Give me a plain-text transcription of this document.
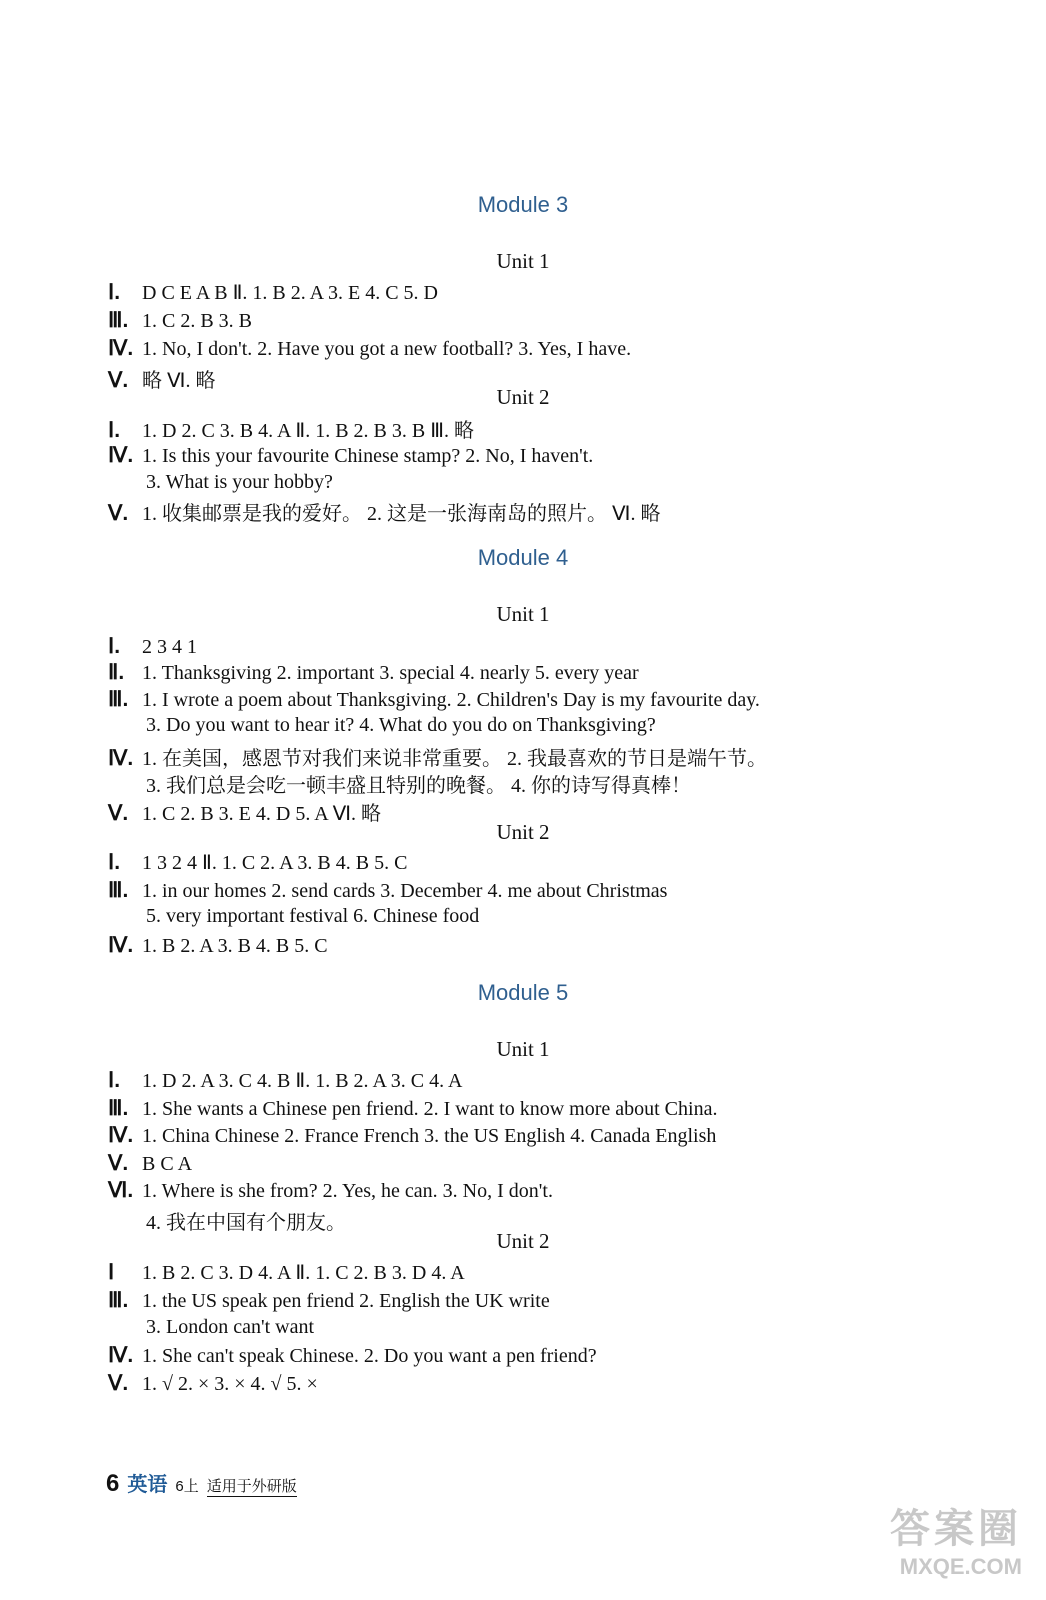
Module 3
Unit 1
Ⅰ. D C E A B Ⅱ. 1. B 2. A 3. E 4. C 5. D
Ⅲ. 1. C 2. B 3. B
Ⅳ. 1. No, I don't. 2. Have you got a new football? 3. Yes, I have.
Ⅴ. 略 Ⅵ. 略
Unit 2
Ⅰ. 1. D 2. C 3. B 4. A Ⅱ. 1. B 2. B 3. B Ⅲ. 略
Ⅳ. 1. Is this your favourite Chinese stamp? 2. No, I haven't.
3. What is your hobby?
Ⅴ. 1. 收集邮票是我的爱好。 2. 这是一张海南岛的照片。 Ⅵ. 略
Module 4
Unit 1
Ⅰ. 2 3 4 1
Ⅱ. 1. Thanksgiving 2. important 3. special 4. nearly 5. every year
Ⅲ. 1. I wrote a poem about Thanksgiving. 2. Children's Day is my favourite day.
3. Do you want to hear it? 4. What do you do on Thanksgiving?
Ⅳ. 1. 在美国，感恩节对我们来说非常重要。 2. 我最喜欢的节日是端午节。
3. 我们总是会吃一顿丰盛且特别的晚餐。 4. 你的诗写得真棒！
Ⅴ. 1. C 2. B 3. E 4. D 5. A Ⅵ. 略
Unit 2
Ⅰ. 1 3 2 4 Ⅱ. 1. C 2. A 3. B 4. B 5. C
Ⅲ. 1. in our homes 2. send cards 3. December 4. me about Christmas
5. very important festival 6. Chinese food
Ⅳ. 1. B 2. A 3. B 4. B 5. C
Module 5
Unit 1
Ⅰ. 1. D 2. A 3. C 4. B Ⅱ. 1. B 2. A 3. C 4. A
Ⅲ. 1. She wants a Chinese pen friend. 2. I want to know more about China.
Ⅳ. 1. China Chinese 2. France French 3. the US English 4. Canada English
Ⅴ. B C A
Ⅵ. 1. Where is she from? 2. Yes, he can. 3. No, I don't.
4. 我在中国有个朋友。
Unit 2
Ⅰ 1. B 2. C 3. D 4. A Ⅱ. 1. C 2. B 3. D 4. A
Ⅲ. 1. the US speak pen friend 2. English the UK write
3. London can't want
Ⅳ. 1. She can't speak Chinese. 2. Do you want a pen friend?
Ⅴ. 1. √ 2. × 3. × 4. √ 5. ×
6 英语 6上 适用于外研版
答案圈
MXQE.COM
